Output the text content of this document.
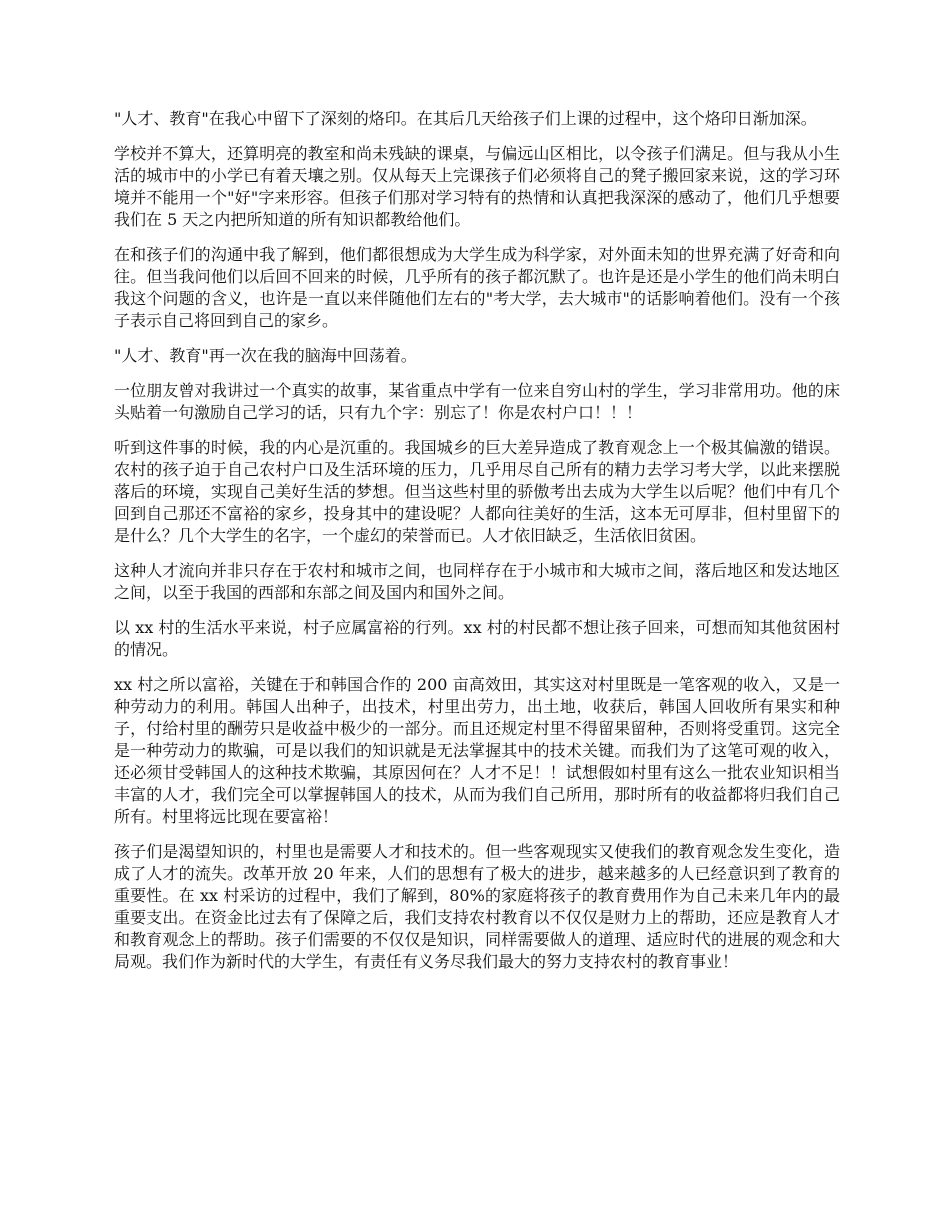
"人才、教育"在我心中留下了深刻的烙印。在其后几天给孩子们上课的过程中，这个烙印日渐加深。

学校并不算大，还算明亮的教室和尚未残缺的课桌，与偏远山区相比，以令孩子们满足。但与我从小生活的城市中的小学已有着天壤之别。仅从每天上完课孩子们必须将自己的凳子搬回家来说，这的学习环境并不能用一个"好"字来形容。但孩子们那对学习特有的热情和认真把我深深的感动了，他们几乎想要我们在 5 天之内把所知道的所有知识都教给他们。

在和孩子们的沟通中我了解到，他们都很想成为大学生成为科学家，对外面未知的世界充满了好奇和向往。但当我问他们以后回不回来的时候，几乎所有的孩子都沉默了。也许是还是小学生的他们尚未明白我这个问题的含义，也许是一直以来伴随他们左右的"考大学，去大城市"的话影响着他们。没有一个孩子表示自己将回到自己的家乡。

"人才、教育"再一次在我的脑海中回荡着。

一位朋友曾对我讲过一个真实的故事，某省重点中学有一位来自穷山村的学生，学习非常用功。他的床头贴着一句激励自己学习的话，只有九个字：别忘了！你是农村户口！！！

听到这件事的时候，我的内心是沉重的。我国城乡的巨大差异造成了教育观念上一个极其偏激的错误。农村的孩子迫于自己农村户口及生活环境的压力，几乎用尽自己所有的精力去学习考大学，以此来摆脱落后的环境，实现自己美好生活的梦想。但当这些村里的骄傲考出去成为大学生以后呢？他们中有几个回到自己那还不富裕的家乡，投身其中的建设呢？人都向往美好的生活，这本无可厚非，但村里留下的是什么？几个大学生的名字，一个虚幻的荣誉而已。人才依旧缺乏，生活依旧贫困。

这种人才流向并非只存在于农村和城市之间，也同样存在于小城市和大城市之间，落后地区和发达地区之间，以至于我国的西部和东部之间及国内和国外之间。

以 xx 村的生活水平来说，村子应属富裕的行列。xx 村的村民都不想让孩子回来，可想而知其他贫困村的情况。

xx 村之所以富裕，关键在于和韩国合作的 200 亩高效田，其实这对村里既是一笔客观的收入，又是一种劳动力的利用。韩国人出种子，出技术，村里出劳力，出土地，收获后，韩国人回收所有果实和种子，付给村里的酬劳只是收益中极少的一部分。而且还规定村里不得留果留种，否则将受重罚。这完全是一种劳动力的欺骗，可是以我们的知识就是无法掌握其中的技术关键。而我们为了这笔可观的收入，还必须甘受韩国人的这种技术欺骗，其原因何在？人才不足！！试想假如村里有这么一批农业知识相当丰富的人才，我们完全可以掌握韩国人的技术，从而为我们自己所用，那时所有的收益都将归我们自己所有。村里将远比现在要富裕！

孩子们是渴望知识的，村里也是需要人才和技术的。但一些客观现实又使我们的教育观念发生变化，造成了人才的流失。改革开放 20 年来，人们的思想有了极大的进步，越来越多的人已经意识到了教育的重要性。在 xx 村采访的过程中，我们了解到，80%的家庭将孩子的教育费用作为自己未来几年内的最重要支出。在资金比过去有了保障之后，我们支持农村教育以不仅仅是财力上的帮助，还应是教育人才和教育观念上的帮助。孩子们需要的不仅仅是知识，同样需要做人的道理、适应时代的进展的观念和大局观。我们作为新时代的大学生，有责任有义务尽我们最大的努力支持农村的教育事业！
